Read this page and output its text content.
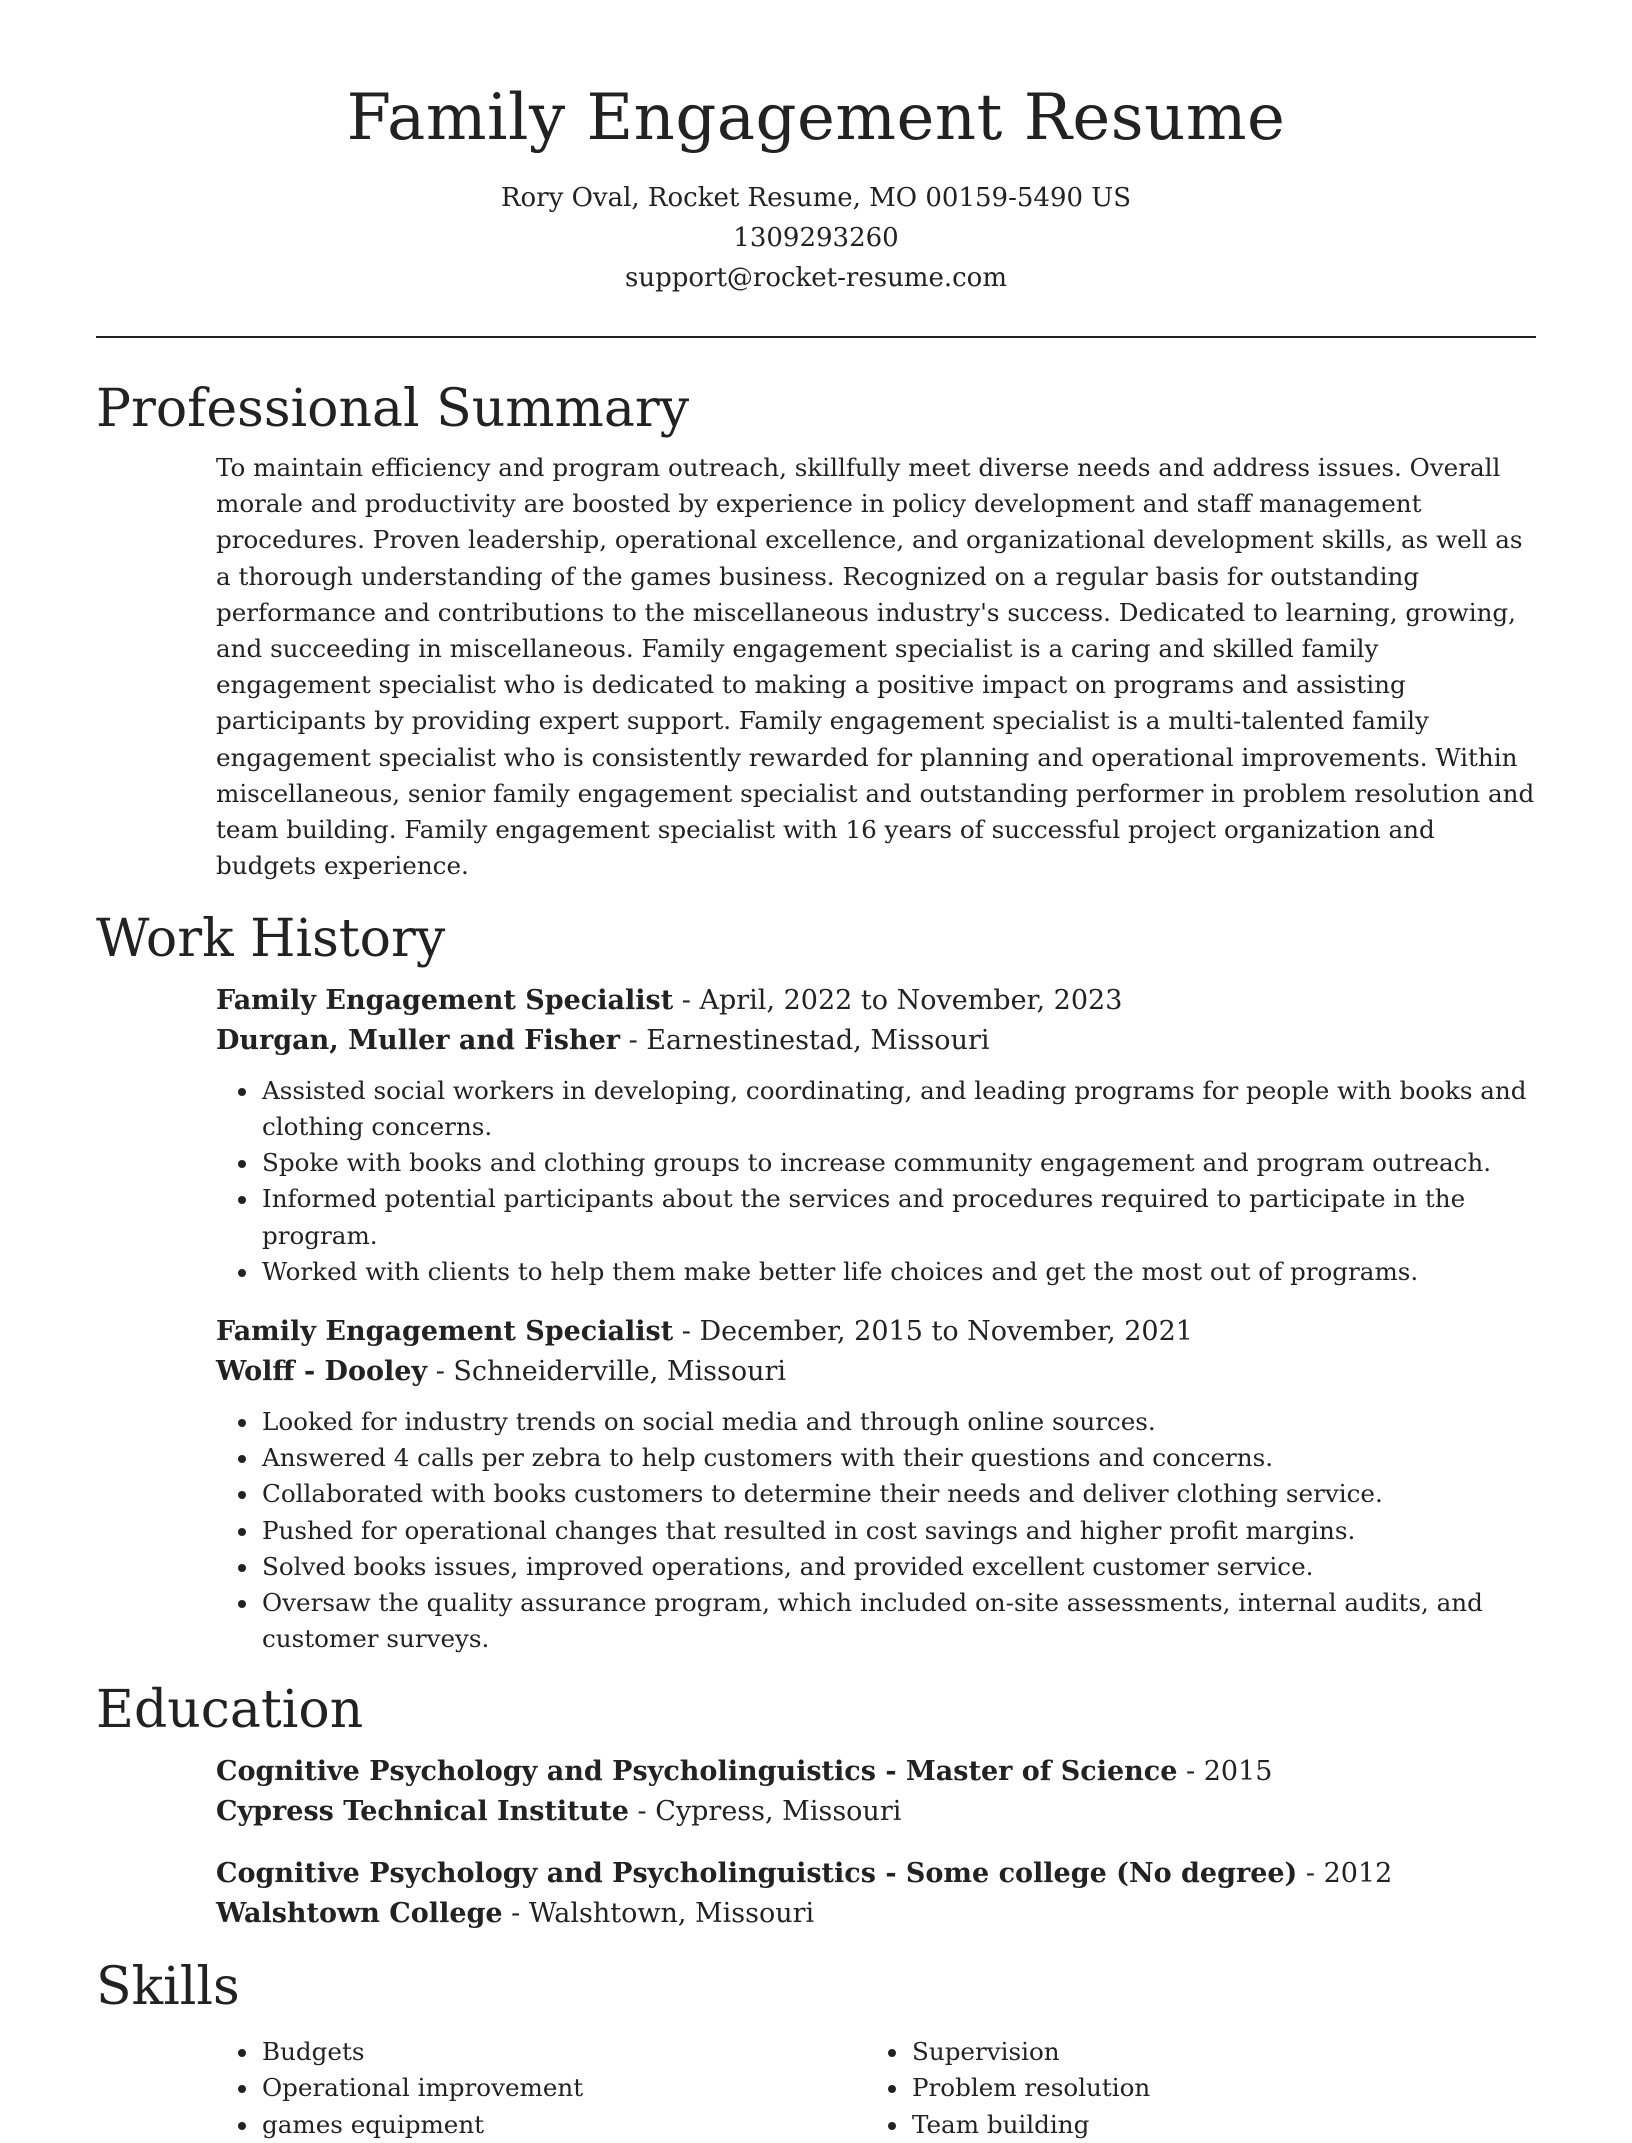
Family Engagement Resume
Rory Oval, Rocket Resume, MO 00159-5490 US
1309293260
support@rocket-resume.com
Professional Summary

To maintain efficiency and program outreach, skillfully meet diverse needs and address issues. Overall morale and productivity are boosted by experience in policy development and staff management procedures. Proven leadership, operational excellence, and organizational development skills, as well as a thorough understanding of the games business. Recognized on a regular basis for outstanding performance and contributions to the miscellaneous industry's success. Dedicated to learning, growing, and succeeding in miscellaneous. Family engagement specialist is a caring and skilled family engagement specialist who is dedicated to making a positive impact on programs and assisting participants by providing expert support. Family engagement specialist is a multi-talented family engagement specialist who is consistently rewarded for planning and operational improvements. Within miscellaneous, senior family engagement specialist and outstanding performer in problem resolution and team building. Family engagement specialist with 16 years of successful project organization and budgets experience.

Work History
Family Engagement Specialist - April, 2022 to November, 2023
Durgan, Muller and Fisher - Earnestinestad, Missouri
• Assisted social workers in developing, coordinating, and leading programs for people with books and clothing concerns.
• Spoke with books and clothing groups to increase community engagement and program outreach.
• Informed potential participants about the services and procedures required to participate in the program.
• Worked with clients to help them make better life choices and get the most out of programs.
Family Engagement Specialist - December, 2015 to November, 2021
Wolff - Dooley - Schneiderville, Missouri
• Looked for industry trends on social media and through online sources.
• Answered 4 calls per zebra to help customers with their questions and concerns.
• Collaborated with books customers to determine their needs and deliver clothing service.
• Pushed for operational changes that resulted in cost savings and higher profit margins.
• Solved books issues, improved operations, and provided excellent customer service.
• Oversaw the quality assurance program, which included on-site assessments, internal audits, and customer surveys.
Education
Cognitive Psychology and Psycholinguistics - Master of Science - 2015
Cypress Technical Institute - Cypress, Missouri
Cognitive Psychology and Psycholinguistics - Some college (No degree) - 2012
Walshtown College - Walshtown, Missouri
Skills
• Budgets
• Operational improvement
• games equipment
• Supervision
• Problem resolution
• Team building
